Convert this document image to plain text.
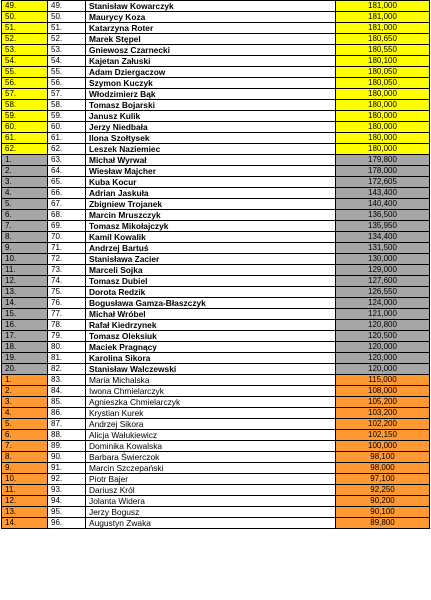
49.	49.	Stanisław Kowarczyk	181,000
50.	50.	Maurycy Koza	181,000
51.	51.	Katarzyna Roter	181,000
52.	52.	Marek Stępel	180,650
53.	53.	Gniewosz Czarnecki	180,550
54.	54.	Kajetan Załuski	180,100
55.	55.	Adam Dziergaczow	180,050
56.	56.	Szymon Kuczyk	180,050
57.	57.	Włodzimierz Bąk	180,000
58.	58.	Tomasz Bojarski	180,000
59.	59.	Janusz Kulik	180,000
60.	60.	Jerzy Niedbała	180,000
61.	61.	Ilona Szołtysek	180,000
62.	62.	Leszek Naziemiec	180,000
1.	63.	Michał Wyrwał	179,800
2.	64.	Wiesław Majcher	178,000
3.	65.	Kuba Kocur	172,605
4.	66.	Adrian Jaskuła	143,400
5.	67.	Zbigniew Trojanek	140,400
6.	68.	Marcin Mruszczyk	136,500
7.	69.	Tomasz Mikołajczyk	135,950
8.	70.	Kamil Kowalik	134,400
9.	71.	Andrzej Bartuś	131,500
10.	72.	Stanisława Zacier	130,000
11.	73.	Marceli Sojka	129,000
12.	74.	Tomasz Dubiel	127,600
13.	75.	Dorota Redzik	126,550
14.	76.	Bogusława Gamza-Błaszczyk	124,000
15.	77.	Michał Wróbel	121,000
16.	78.	Rafał Kiedrzynek	120,800
17.	79.	Tomasz Oleksiuk	120,500
18.	80.	Maciek Pragnący	120,000
19.	81.	Karolina Sikora	120,000
20.	82.	Stanisław Walczewski	120,000
1.	83.	Maria Michalska	115,000
2.	84.	Iwona Chmielarczyk	108,000
3.	85.	Agnieszka Chmielarczyk	105,200
4.	86.	Krystian Kurek	103,200
5.	87.	Andrzej Sikora	102,200
6.	88.	Alicja Wałukiewicz	102,150
7.	89.	Dominika Kowalska	100,000
8.	90.	Barbara Świerczok	98,100
9.	91.	Marcin Szczepański	98,000
10.	92.	Piotr Bajer	97,100
11.	93.	Dariusz Król	92,250
12.	94.	Jolanta Widera	90,200
13.	95.	Jerzy Bogusz	90,100
14.	96.	Augustyn Zwaka	89,800
